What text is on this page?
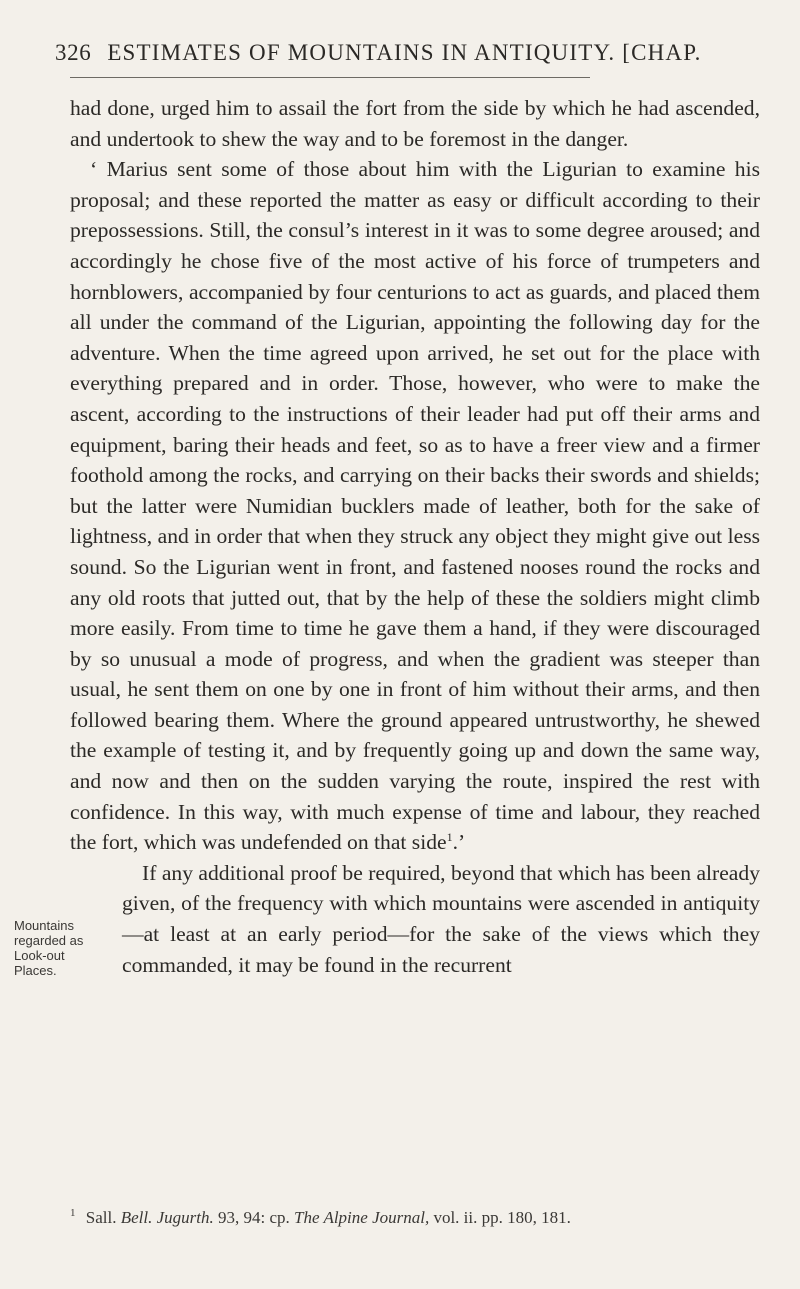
326 ESTIMATES OF MOUNTAINS IN ANTIQUITY. [CHAP.

had done, urged him to assail the fort from the side by which he had ascended, and undertook to shew the way and to be foremost in the danger.

‘ Marius sent some of those about him with the Ligurian to examine his proposal; and these reported the matter as easy or difficult according to their prepossessions. Still, the consul’s interest in it was to some degree aroused; and accordingly he chose five of the most active of his force of trumpeters and hornblowers, accompanied by four centurions to act as guards, and placed them all under the command of the Ligurian, appointing the following day for the adventure. When the time agreed upon arrived, he set out for the place with everything prepared and in order. Those, however, who were to make the ascent, according to the instructions of their leader had put off their arms and equipment, baring their heads and feet, so as to have a freer view and a firmer foothold among the rocks, and carrying on their backs their swords and shields; but the latter were Numidian bucklers made of leather, both for the sake of lightness, and in order that when they struck any object they might give out less sound. So the Ligurian went in front, and fastened nooses round the rocks and any old roots that jutted out, that by the help of these the soldiers might climb more easily. From time to time he gave them a hand, if they were discouraged by so unusual a mode of progress, and when the gradient was steeper than usual, he sent them on one by one in front of him without their arms, and then followed bearing them. Where the ground appeared untrustworthy, he shewed the example of testing it, and by frequently going up and down the same way, and now and then on the sudden varying the route, inspired the rest with confidence. In this way, with much expense of time and labour, they reached the fort, which was undefended on that side$^1$.’

Mountains
regarded as
Look-out
Places.

If any additional proof be required, beyond that which has been already given, of the frequency with which mountains were ascended in antiquity—at least at an early period—for the sake of the views which they commanded, it may be found in the recurrent

$^1$ Sall. Bell. Jugurth. 93, 94: cp. The Alpine Journal, vol. ii. pp. 180, 181.
